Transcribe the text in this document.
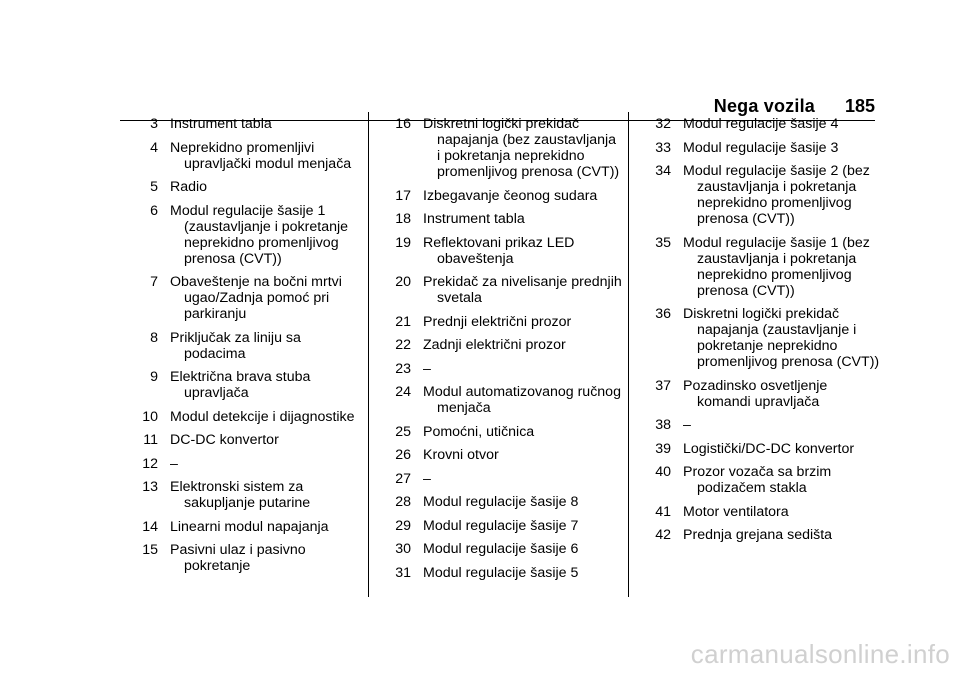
Nega vozila 185
3 Instrument tabla
4 Neprekidno promenljivi upravljački modul menjača
5 Radio
6 Modul regulacije šasije 1 (zaustavljanje i pokretanje neprekidno promenljivog prenosa (CVT))
7 Obaveštenje na bočni mrtvi ugao/Zadnja pomoć pri parkiranju
8 Priključak za liniju sa podacima
9 Električna brava stuba upravljača
10 Modul detekcije i dijagnostike
11 DC-DC konvertor
12 –
13 Elektronski sistem za sakupljanje putarine
14 Linearni modul napajanja
15 Pasivni ulaz i pasivno pokretanje
16 Diskretni logički prekidač napajanja (bez zaustavljanja i pokretanja neprekidno promenljivog prenosa (CVT))
17 Izbegavanje čeonog sudara
18 Instrument tabla
19 Reflektovani prikaz LED obaveštenja
20 Prekidač za nivelisanje prednjih svetala
21 Prednji električni prozor
22 Zadnji električni prozor
23 –
24 Modul automatizovanog ručnog menjača
25 Pomoćni, utičnica
26 Krovni otvor
27 –
28 Modul regulacije šasije 8
29 Modul regulacije šasije 7
30 Modul regulacije šasije 6
31 Modul regulacije šasije 5
32 Modul regulacije šasije 4
33 Modul regulacije šasije 3
34 Modul regulacije šasije 2 (bez zaustavljanja i pokretanja neprekidno promenljivog prenosa (CVT))
35 Modul regulacije šasije 1 (bez zaustavljanja i pokretanja neprekidno promenljivog prenosa (CVT))
36 Diskretni logički prekidač napajanja (zaustavljanje i pokretanje neprekidno promenljivog prenosa (CVT))
37 Pozadinsko osvetljenje komandi upravljača
38 –
39 Logistički/DC-DC konvertor
40 Prozor vozača sa brzim podizačem stakla
41 Motor ventilatora
42 Prednja grejana sedišta
carmanualsonline.info
